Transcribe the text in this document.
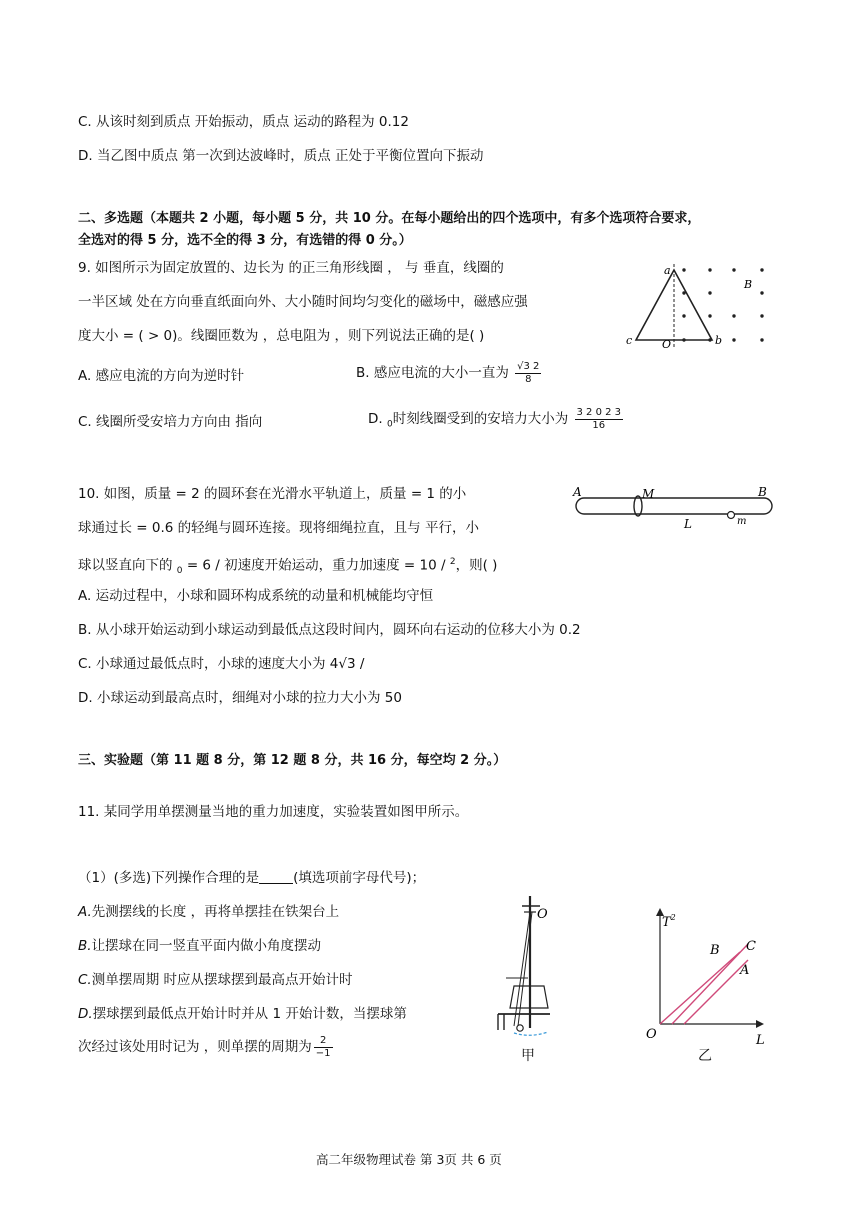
C. 从该时刻到质点 开始振动，质点 运动的路程为 0.12
D. 当乙图中质点 第一次到达波峰时，质点 正处于平衡位置向下振动
二、多选题（本题共 2 小题，每小题 5 分，共 10 分。在每小题给出的四个选项中，有多个选项符合要求，
全选对的得 5 分，选不全的得 3 分，有选错的得 0 分。）
9. 如图所示为固定放置的、边长为 的正三角形线圈 ， 与 垂直，线圈的
一半区域 处在方向垂直纸面向外、大小随时间均匀变化的磁场中，磁感应强
度大小 = ( > 0)。线圈匝数为 ，总电阻为 ，则下列说法正确的是( )
a
b
c	O
B
A. 感应电流的方向为逆时针	B. 感应电流的大小一直为 $\frac{√3 2}{8}$
C. 线圈所受安培力方向由 指向	D. $_0$时刻线圈受到的安培力大小为 $\frac{3 2 0 2 3}{16}$
10. 如图，质量 = 2 的圆环套在光滑水平轨道上，质量 = 1 的小
球通过长 = 0.6 的轻绳与圆环连接。现将细绳拉直，且与 平行，小
球以竖直向下的 $_0$ = 6 / 初速度开始运动，重力加速度 = 10 / $^2$，则( )
A	M	B
L	m
A. 运动过程中，小球和圆环构成系统的动量和机械能均守恒
B. 从小球开始运动到小球运动到最低点这段时间内，圆环向右运动的位移大小为 0.2
C. 小球通过最低点时，小球的速度大小为 4√3 /
D. 小球运动到最高点时，细绳对小球的拉力大小为 50
三、实验题（第 11 题 8 分，第 12 题 8 分，共 16 分，每空均 2 分。）
11. 某同学用单摆测量当地的重力加速度，实验装置如图甲所示。
（1）(多选)下列操作合理的是	(填选项前字母代号)；
A.先测摆线的长度 ，再将单摆挂在铁架台上
B.让摆球在同一竖直平面内做小角度摆动
C.测单摆周期 时应从摆球摆到最高点开始计时
D.摆球摆到最低点开始计时并从 1 开始计数，当摆球第
次经过该处用时记为 ，则单摆的周期为 $\frac{2}{-1}$
O
甲
$T^2$
L
O
B C
A
乙
高二年级物理试卷 第 3页 共 6 页
